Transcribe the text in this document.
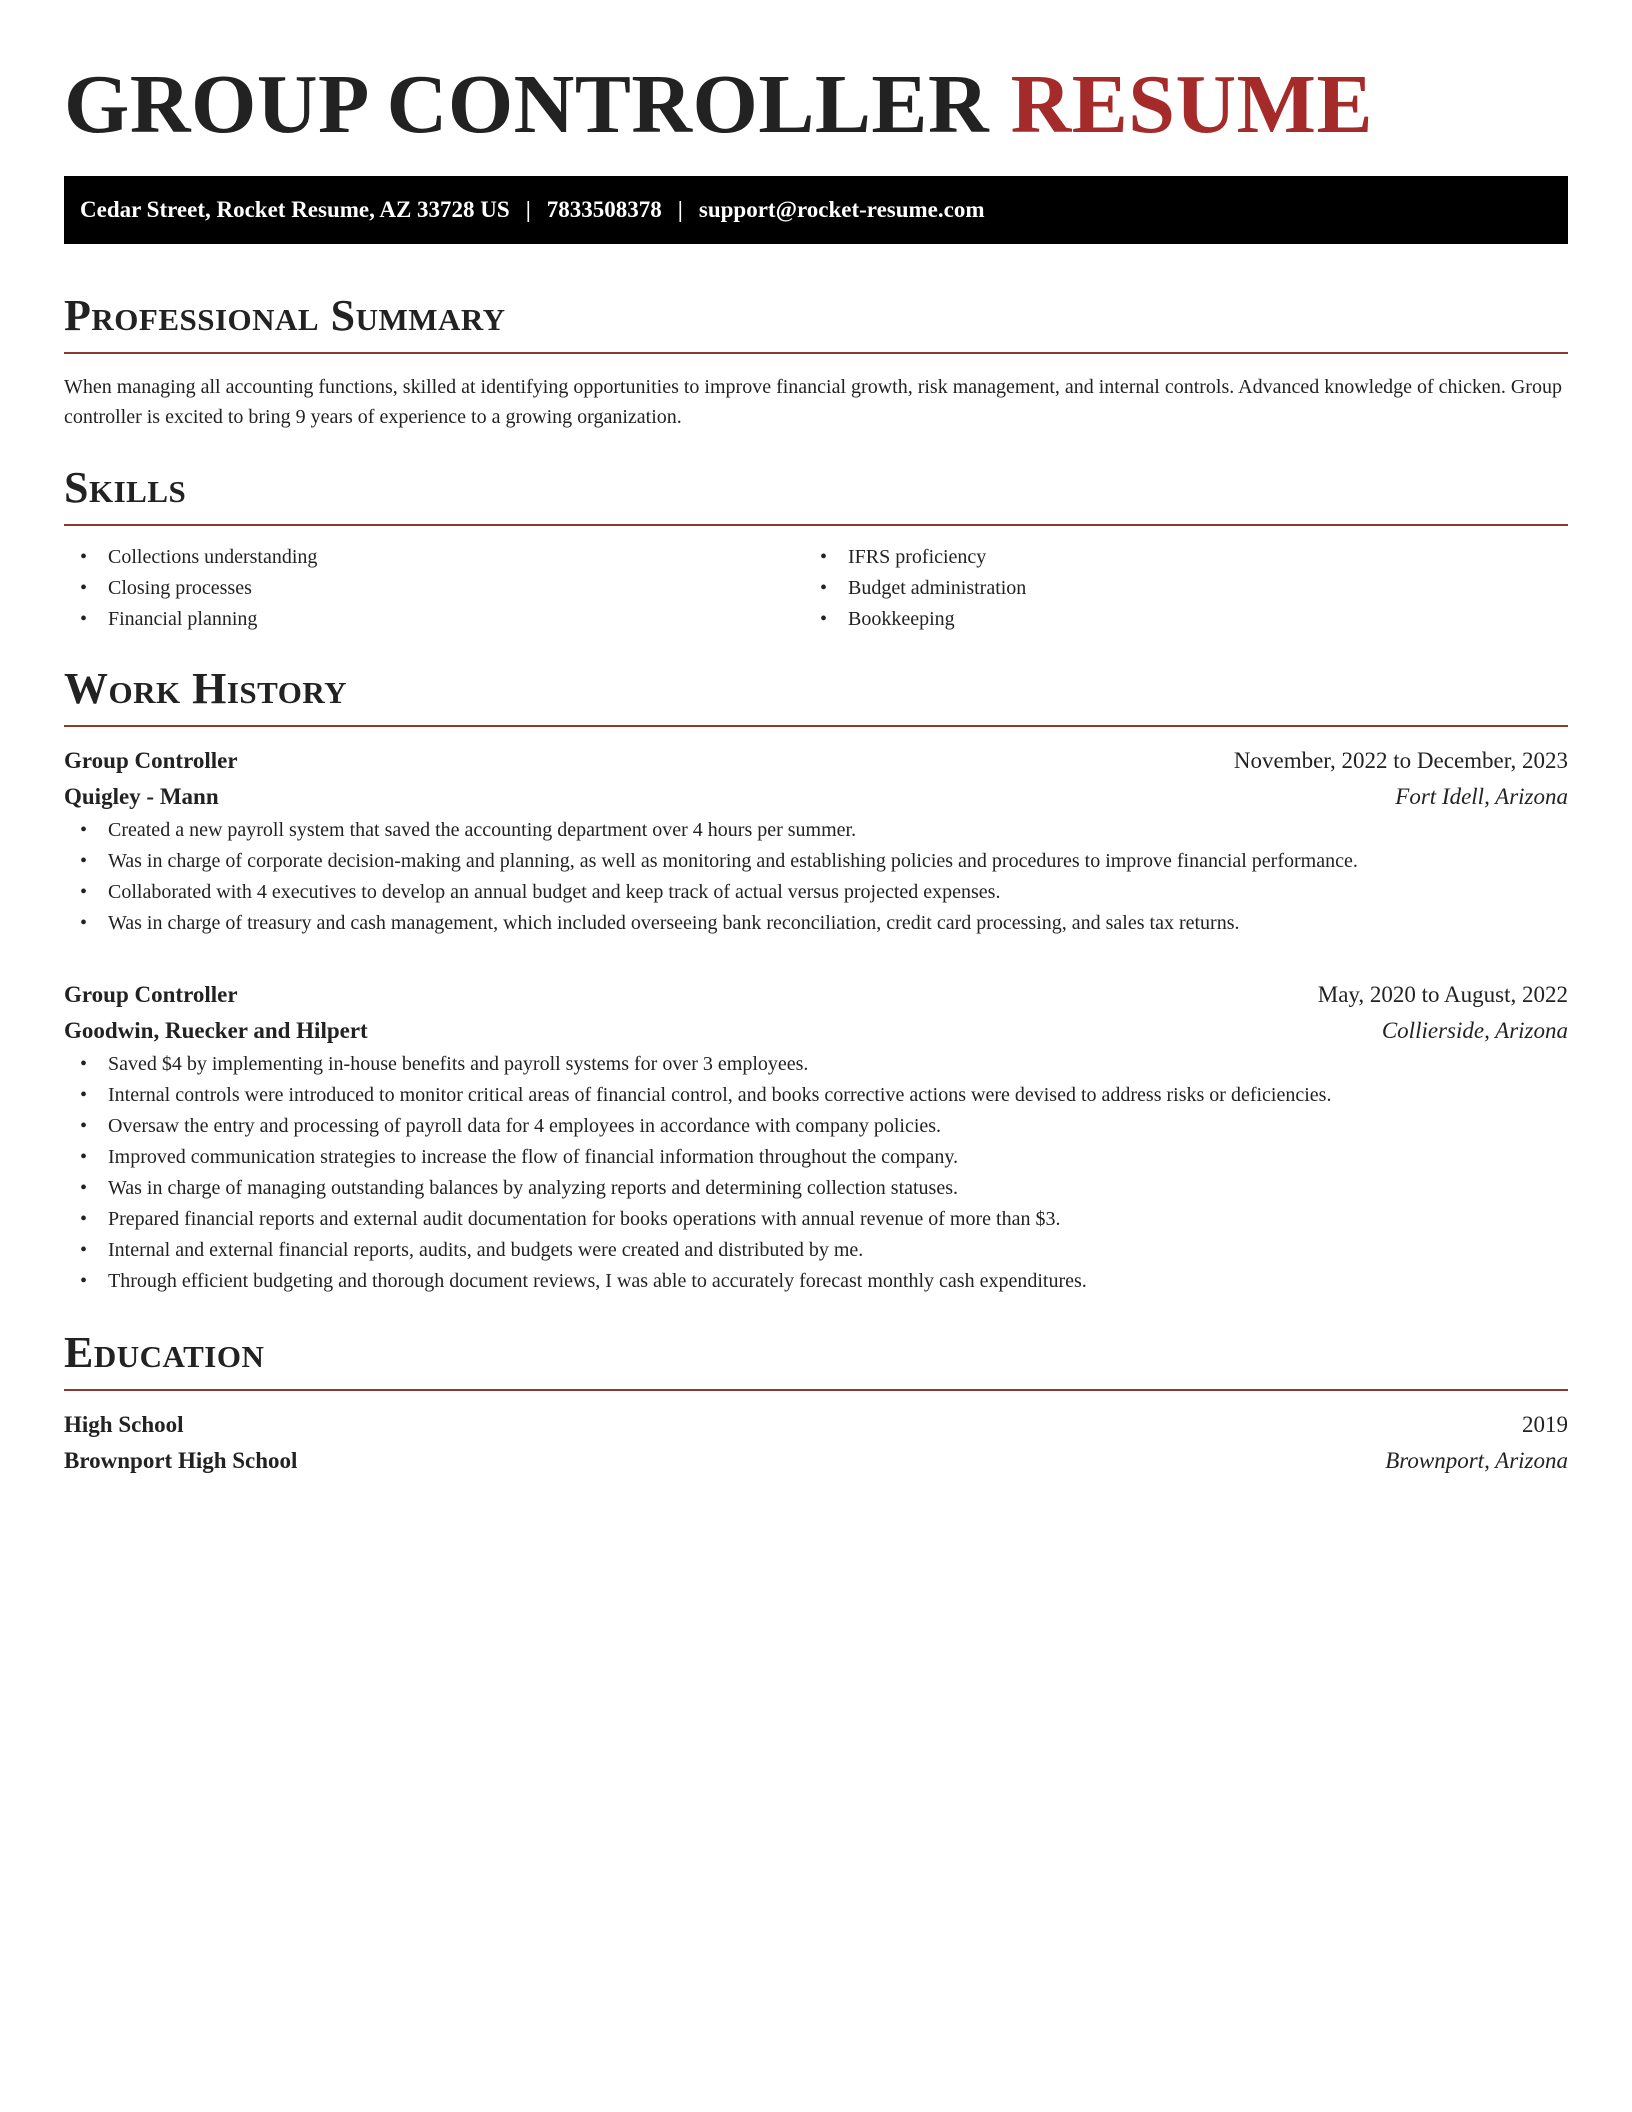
GROUP CONTROLLER RESUME
Cedar Street, Rocket Resume, AZ 33728 US | 7833508378 | support@rocket-resume.com
Professional Summary

When managing all accounting functions, skilled at identifying opportunities to improve financial growth, risk management, and internal controls. Advanced knowledge of chicken. Group controller is excited to bring 9 years of experience to a growing organization.

Skills
• Collections understanding
• Closing processes
• Financial planning
• IFRS proficiency
• Budget administration
• Bookkeeping
Work History
Group Controller	November, 2022 to December, 2023
Quigley - Mann	Fort Idell, Arizona
• Created a new payroll system that saved the accounting department over 4 hours per summer.
• Was in charge of corporate decision-making and planning, as well as monitoring and establishing policies and procedures to improve financial performance.
• Collaborated with 4 executives to develop an annual budget and keep track of actual versus projected expenses.
• Was in charge of treasury and cash management, which included overseeing bank reconciliation, credit card processing, and sales tax returns.
Group Controller	May, 2020 to August, 2022
Goodwin, Ruecker and Hilpert	Collierside, Arizona
• Saved $4 by implementing in-house benefits and payroll systems for over 3 employees.
• Internal controls were introduced to monitor critical areas of financial control, and books corrective actions were devised to address risks or deficiencies.
• Oversaw the entry and processing of payroll data for 4 employees in accordance with company policies.
• Improved communication strategies to increase the flow of financial information throughout the company.
• Was in charge of managing outstanding balances by analyzing reports and determining collection statuses.
• Prepared financial reports and external audit documentation for books operations with annual revenue of more than $3.
• Internal and external financial reports, audits, and budgets were created and distributed by me.
• Through efficient budgeting and thorough document reviews, I was able to accurately forecast monthly cash expenditures.
Education
High School	2019
Brownport High School	Brownport, Arizona
